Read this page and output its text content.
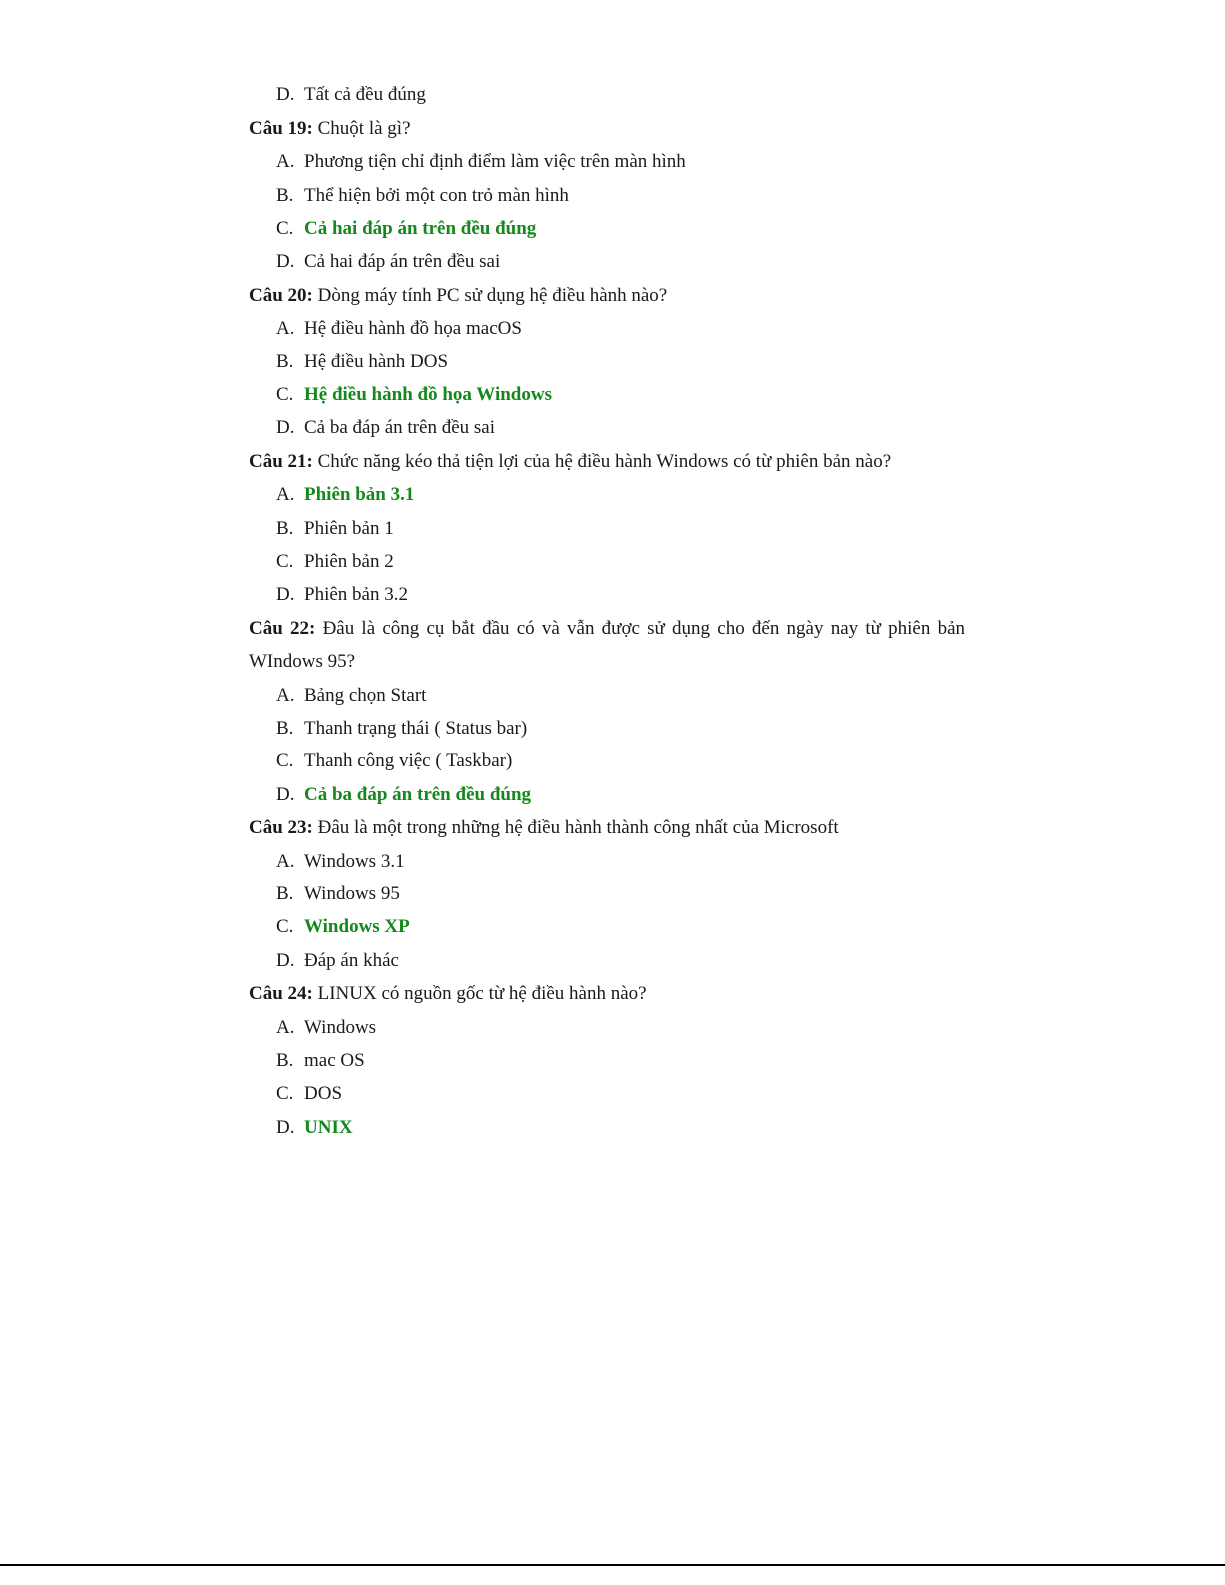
D. Tất cả đều đúng
Câu 19: Chuột là gì?
A. Phương tiện chỉ định điểm làm việc trên màn hình
B. Thể hiện bởi một con trỏ màn hình
C. Cả hai đáp án trên đều đúng
D. Cả hai đáp án trên đều sai
Câu 20: Dòng máy tính PC sử dụng hệ điều hành nào?
A. Hệ điều hành đồ họa macOS
B. Hệ điều hành DOS
C. Hệ điều hành đồ họa Windows
D. Cả ba đáp án trên đều sai
Câu 21: Chức năng kéo thả tiện lợi của hệ điều hành Windows có từ phiên bản nào?
A. Phiên bản 3.1
B. Phiên bản 1
C. Phiên bản 2
D. Phiên bản 3.2
Câu 22: Đâu là công cụ bắt đầu có và vẫn được sử dụng cho đến ngày nay từ phiên bản
WIndows 95?
A. Bảng chọn Start
B. Thanh trạng thái ( Status bar)
C. Thanh công việc ( Taskbar)
D. Cả ba đáp án trên đều đúng
Câu 23: Đâu là một trong những hệ điều hành thành công nhất của Microsoft
A. Windows 3.1
B. Windows 95
C. Windows XP
D. Đáp án khác
Câu 24: LINUX có nguồn gốc từ hệ điều hành nào?
A. Windows
B. mac OS
C. DOS
D. UNIX
